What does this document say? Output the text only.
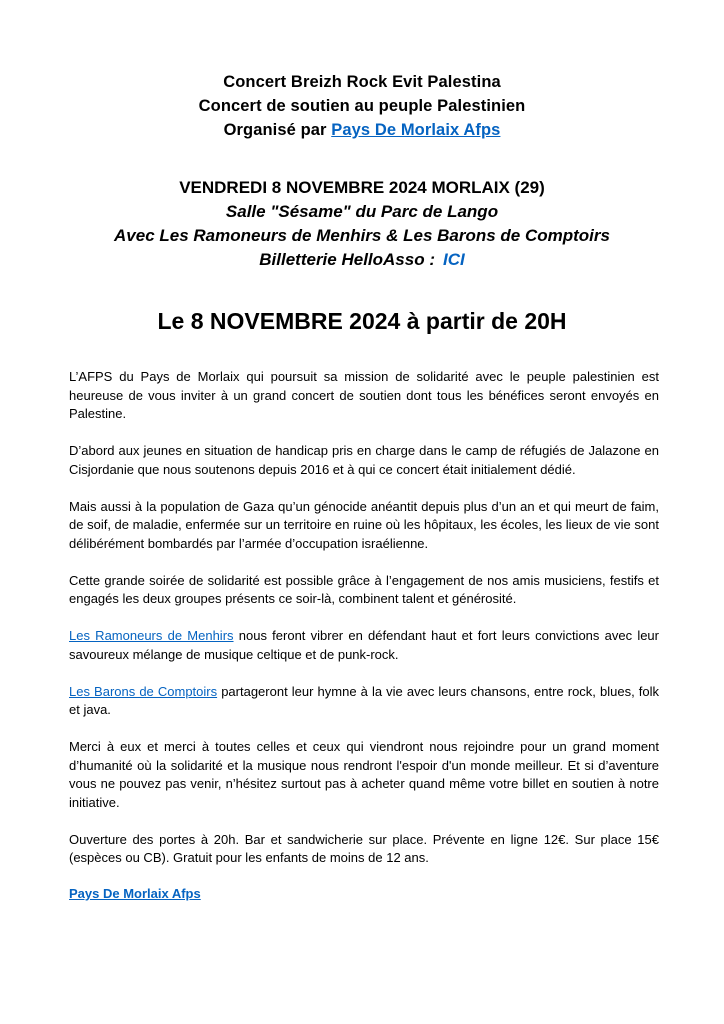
Concert Breizh Rock Evit Palestina
Concert de soutien au peuple Palestinien
Organisé par Pays De Morlaix Afps
VENDREDI 8 NOVEMBRE 2024 MORLAIX (29)
Salle "Sésame" du Parc de Lango
Avec Les Ramoneurs de Menhirs & Les Barons de Comptoirs
Billetterie HelloAsso : ICI
Le 8 NOVEMBRE 2024 à partir de 20H

L’AFPS du Pays de Morlaix qui poursuit sa mission de solidarité avec le peuple palestinien est heureuse de vous inviter à un grand concert de soutien dont tous les bénéfices seront envoyés en Palestine.

D’abord aux jeunes en situation de handicap pris en charge dans le camp de réfugiés de Jalazone en Cisjordanie que nous soutenons depuis 2016 et à qui ce concert était initialement dédié.

Mais aussi à la population de Gaza qu’un génocide anéantit depuis plus d’un an et qui meurt de faim, de soif, de maladie, enfermée sur un territoire en ruine où les hôpitaux, les écoles, les lieux de vie sont délibérément bombardés par l’armée d’occupation israélienne.

Cette grande soirée de solidarité est possible grâce à l’engagement de nos amis musiciens, festifs et engagés les deux groupes présents ce soir-là, combinent talent et générosité.

Les Ramoneurs de Menhirs nous feront vibrer en défendant haut et fort leurs convictions avec leur savoureux mélange de musique celtique et de punk-rock.

Les Barons de Comptoirs partageront leur hymne à la vie avec leurs chansons, entre rock, blues, folk et java.

Merci à eux et merci à toutes celles et ceux qui viendront nous rejoindre pour un grand moment d’humanité où la solidarité et la musique nous rendront l'espoir d'un monde meilleur. Et si d’aventure vous ne pouvez pas venir, n’hésitez surtout pas à acheter quand même votre billet en soutien à notre initiative.

Ouverture des portes à 20h. Bar et sandwicherie sur place. Prévente en ligne 12€. Sur place 15€ (espèces ou CB). Gratuit pour les enfants de moins de 12 ans.

Pays De Morlaix Afps
